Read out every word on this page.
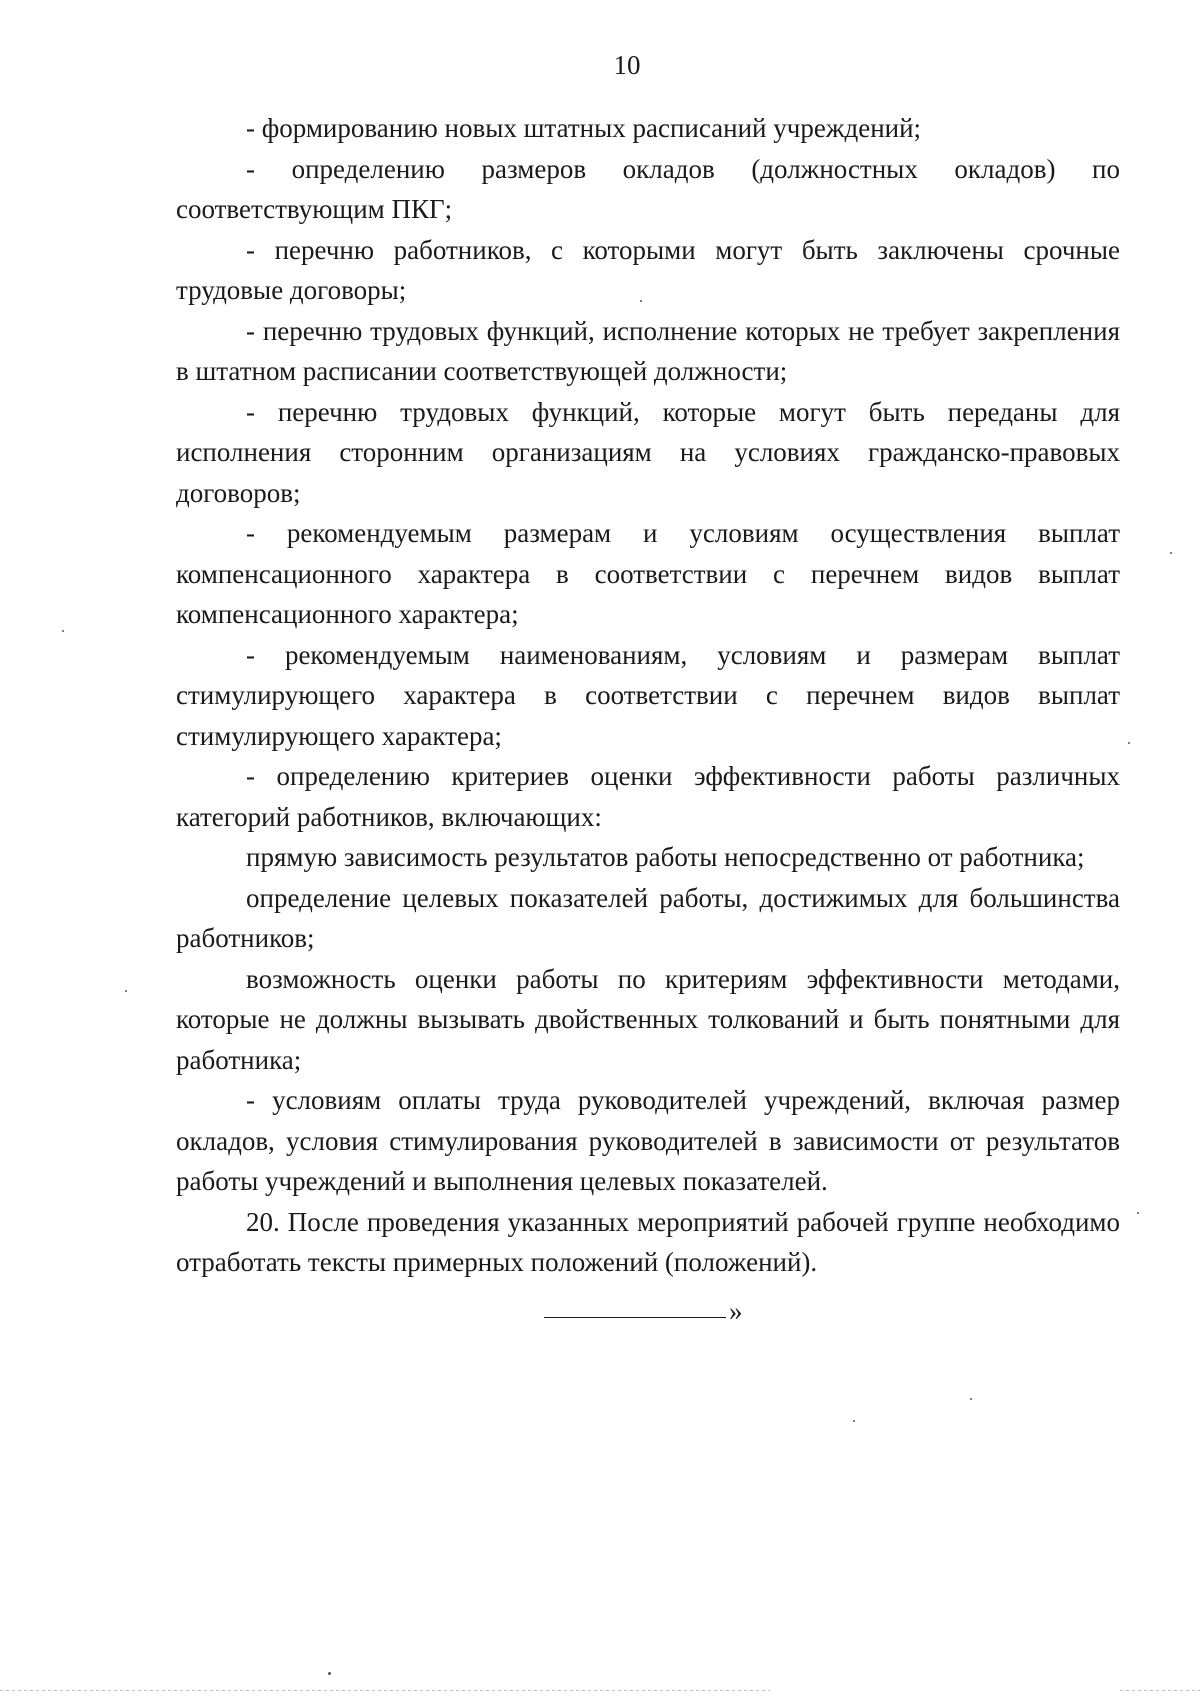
10

- формированию новых штатных расписаний учреждений;

- определению размеров окладов (должностных окладов) по соответствующим ПКГ;

- перечню работников, с которыми могут быть заключены срочные трудовые договоры;

- перечню трудовых функций, исполнение которых не требует закрепления в штатном расписании соответствующей должности;

- перечню трудовых функций, которые могут быть переданы для исполнения сторонним организациям на условиях гражданско-правовых договоров;

- рекомендуемым размерам и условиям осуществления выплат компенсационного характера в соответствии с перечнем видов выплат компенсационного характера;

- рекомендуемым наименованиям, условиям и размерам выплат стимулирующего характера в соответствии с перечнем видов выплат стимулирующего характера;

- определению критериев оценки эффективности работы различных категорий работников, включающих:

прямую зависимость результатов работы непосредственно от работника;

определение целевых показателей работы, достижимых для большинства работников;

возможность оценки работы по критериям эффективности методами, которые не должны вызывать двойственных толкований и быть понятными для работника;

- условиям оплаты труда руководителей учреждений, включая размер окладов, условия стимулирования руководителей в зависимости от результатов работы учреждений и выполнения целевых показателей.

20. После проведения указанных мероприятий рабочей группе необходимо отработать тексты примерных положений (положений).

»
